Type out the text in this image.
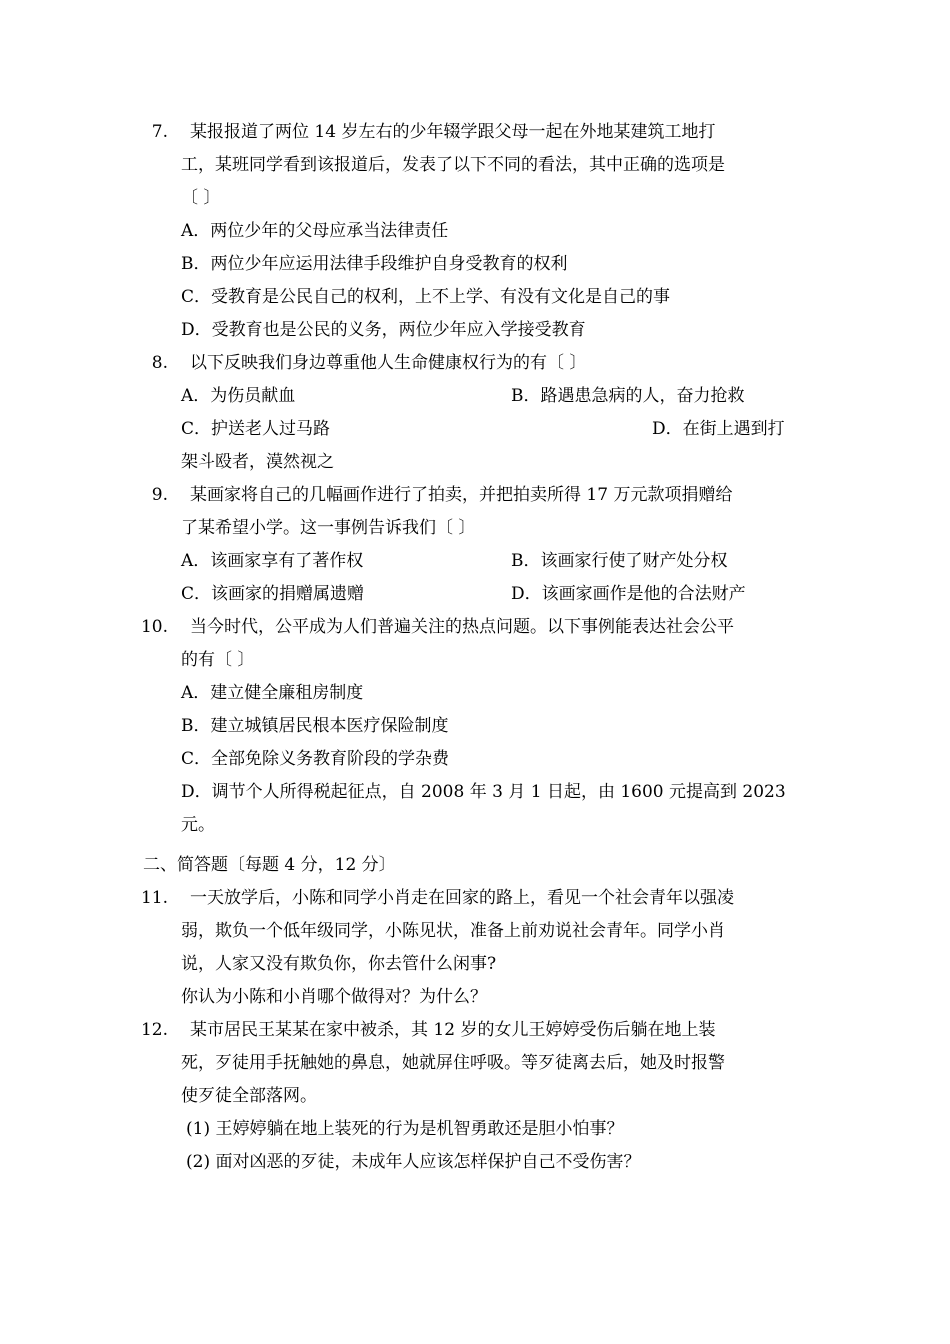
7. 某报报道了两位 14 岁左右的少年辍学跟父母一起在外地某建筑工地打
工，某班同学看到该报道后，发表了以下不同的看法，其中正确的选项是
〔 〕
A．两位少年的父母应承当法律责任
B．两位少年应运用法律手段维护自身受教育的权利
C．受教育是公民自己的权利，上不上学、有没有文化是自己的事
D．受教育也是公民的义务，两位少年应入学接受教育
8. 以下反映我们身边尊重他人生命健康权行为的有〔 〕
A．为伤员献血	B．路遇患急病的人，奋力抢救
C．护送老人过马路	D．在街上遇到打
架斗殴者，漠然视之
9. 某画家将自己的几幅画作进行了拍卖，并把拍卖所得 17 万元款项捐赠给
了某希望小学。这一事例告诉我们〔 〕
A．该画家享有了著作权	B．该画家行使了财产处分权
C．该画家的捐赠属遗赠	D．该画家画作是他的合法财产
10. 当今时代，公平成为人们普遍关注的热点问题。以下事例能表达社会公平
的有〔 〕
A．建立健全廉租房制度
B．建立城镇居民根本医疗保险制度
C．全部免除义务教育阶段的学杂费
D．调节个人所得税起征点，自 2008 年 3 月 1 日起，由 1600 元提高到 2023
元。
二、简答题〔每题 4 分，12 分〕
11. 一天放学后，小陈和同学小肖走在回家的路上，看见一个社会青年以强凌
弱，欺负一个低年级同学，小陈见状，准备上前劝说社会青年。同学小肖
说，人家又没有欺负你，你去管什么闲事?
你认为小陈和小肖哪个做得对？为什么？
12. 某市居民王某某在家中被杀，其 12 岁的女儿王婷婷受伤后躺在地上装
死，歹徒用手抚触她的鼻息，她就屏住呼吸。等歹徒离去后，她及时报警
使歹徒全部落网。
(1) 王婷婷躺在地上装死的行为是机智勇敢还是胆小怕事？
(2) 面对凶恶的歹徒，未成年人应该怎样保护自己不受伤害？
